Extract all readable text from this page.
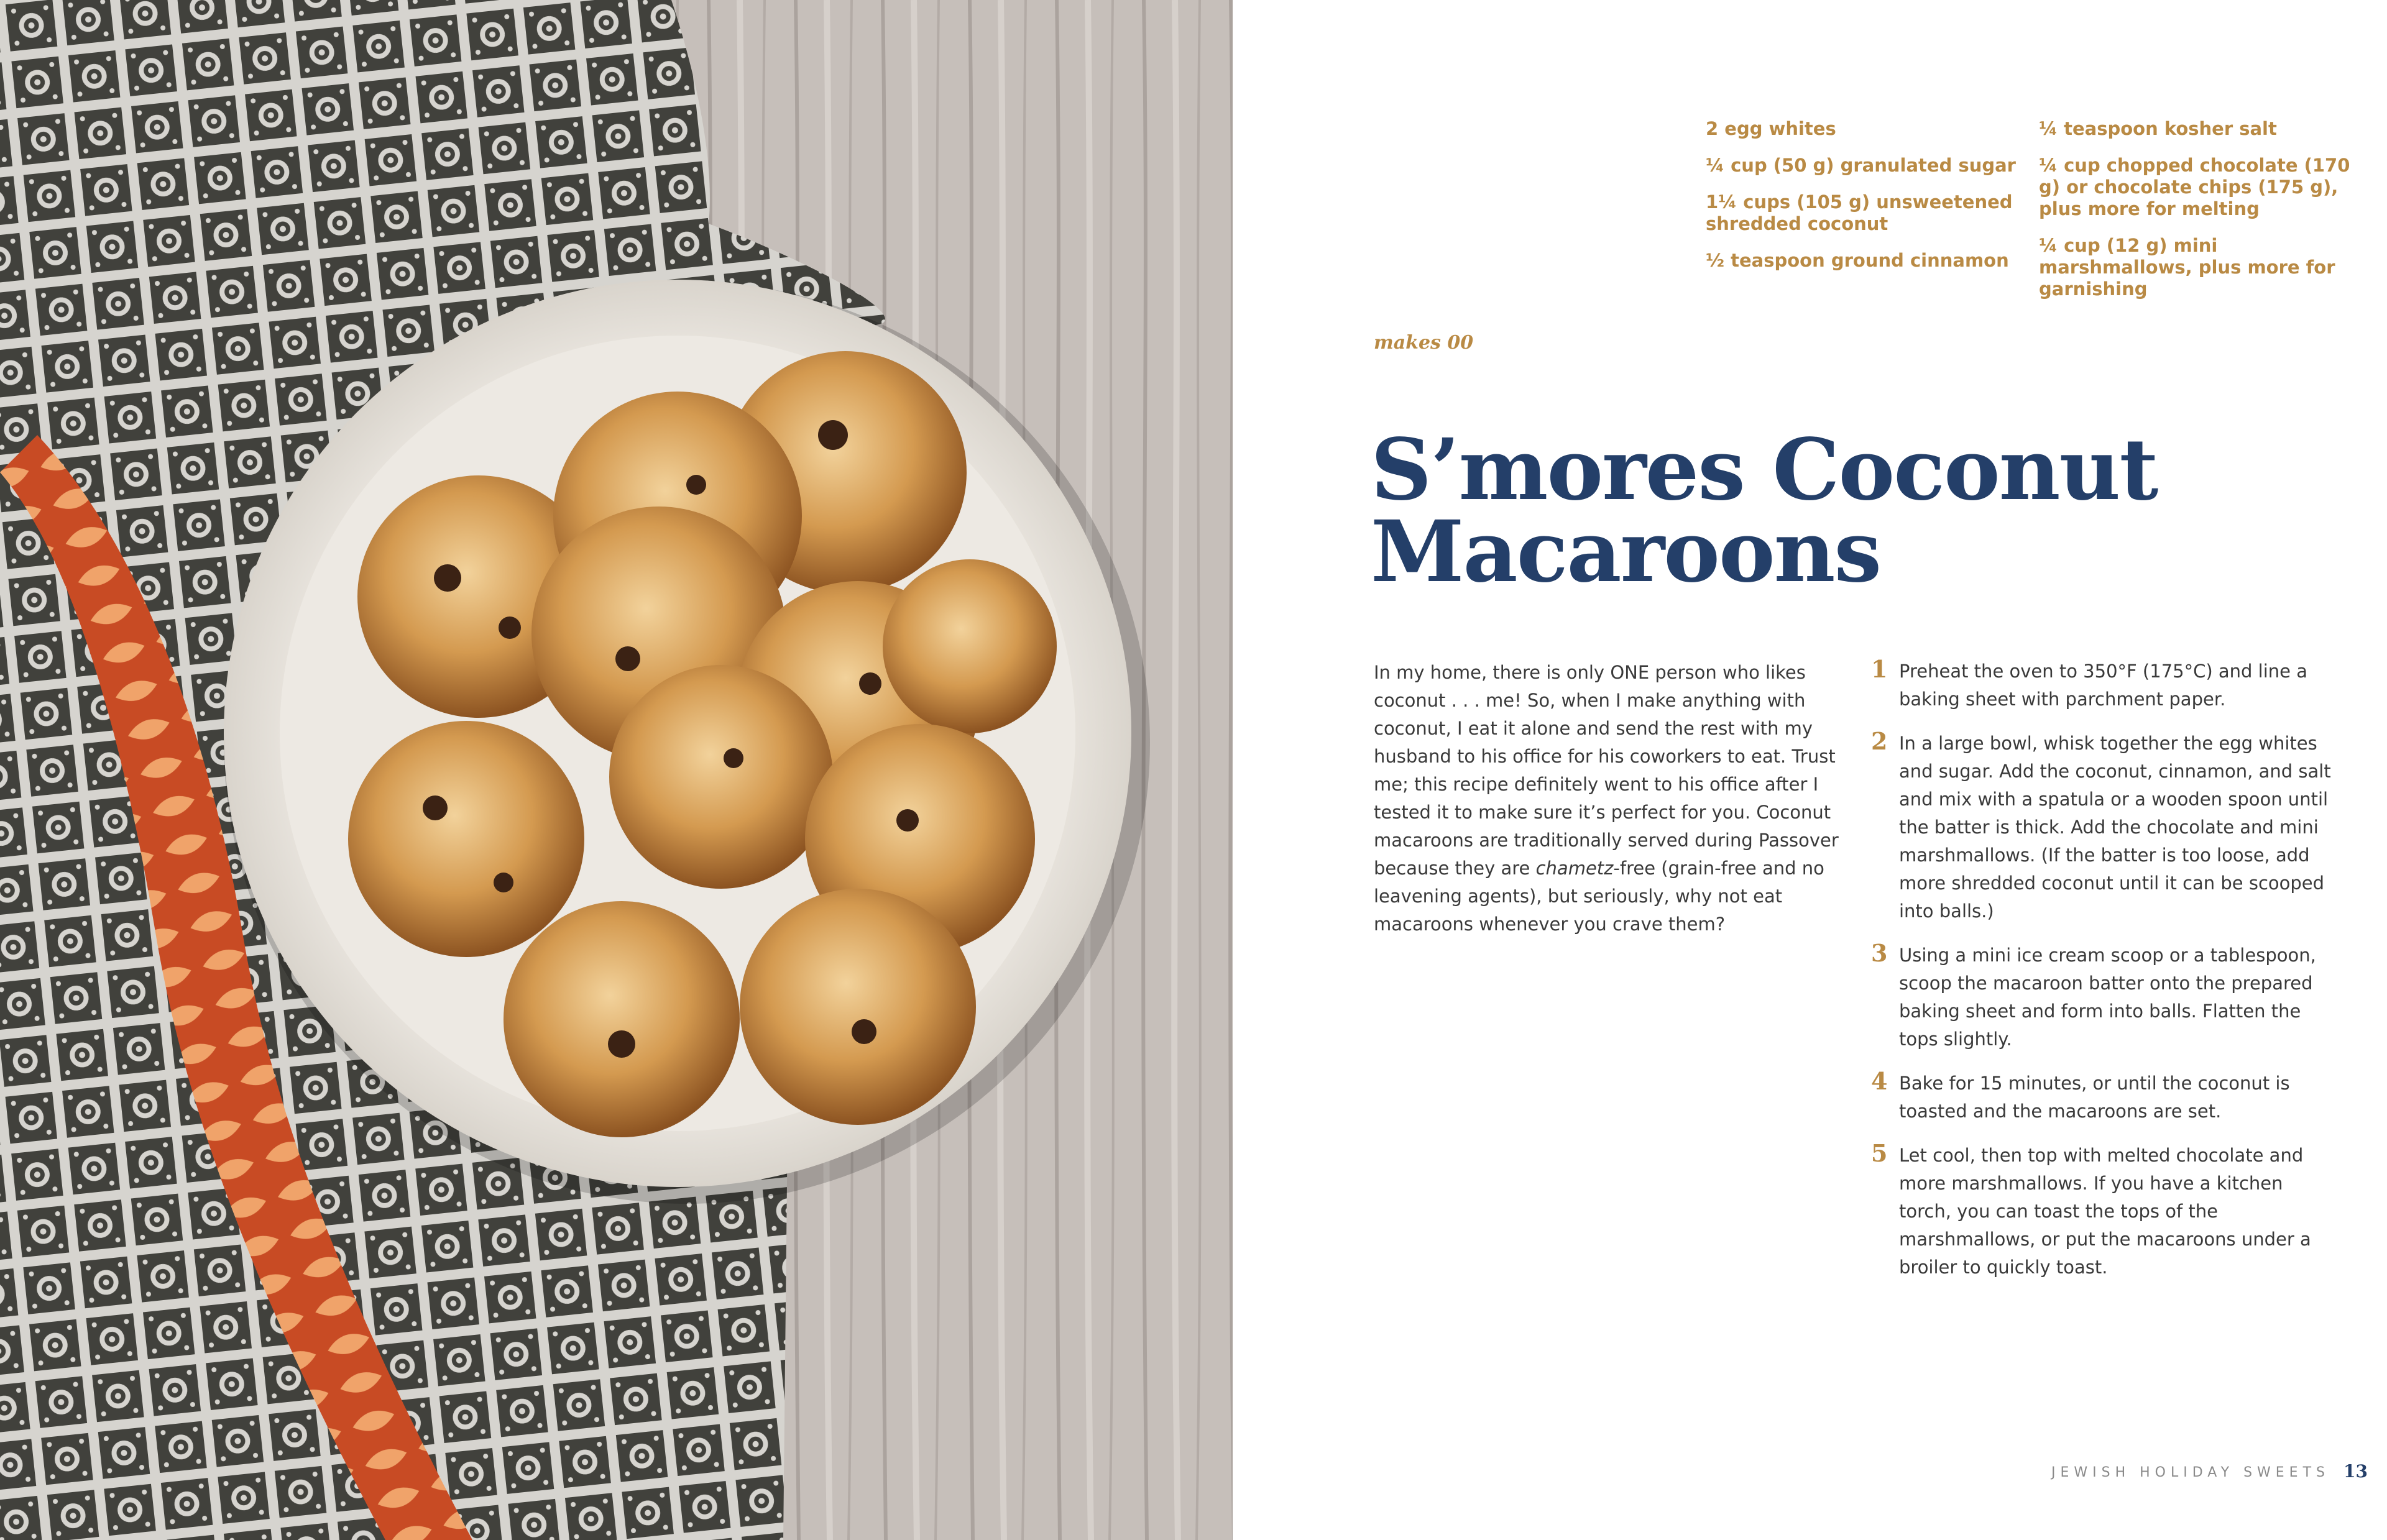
2 egg whites
¼ cup (50 g) granulated sugar
1¼ cups (105 g) unsweetened shredded coconut
½ teaspoon ground cinnamon
¼ teaspoon kosher salt
¼ cup chopped chocolate (170 g) or chocolate chips (175 g), plus more for melting
¼ cup (12 g) mini marshmallows, plus more for garnishing
makes 00
S’mores Coconut
Macaroons
In my home, there is only ONE person who likes coconut . . . me! So, when I make anything with coconut, I eat it alone and send the rest with my husband to his office for his coworkers to eat. Trust me; this recipe definitely went to his office after I tested it to make sure it’s perfect for you. Coconut macaroons are traditionally served during Passover because they are chametz-free (grain-free and no leavening agents), but seriously, why not eat macaroons whenever you crave them?
1 Preheat the oven to 350°F (175°C) and line a baking sheet with parchment paper.
2 In a large bowl, whisk together the egg whites and sugar. Add the coconut, cinnamon, and salt and mix with a spatula or a wooden spoon until the batter is thick. Add the chocolate and mini marshmallows. (If the batter is too loose, add more shredded coconut until it can be scooped into balls.)
3 Using a mini ice cream scoop or a tablespoon, scoop the macaroon batter onto the prepared baking sheet and form into balls. Flatten the tops slightly.
4 Bake for 15 minutes, or until the coconut is toasted and the macaroons are set.
5 Let cool, then top with melted chocolate and more marshmallows. If you have a kitchen torch, you can toast the tops of the marshmallows, or put the macaroons under a broiler to quickly toast.
JEWISH HOLIDAY SWEETS 13
